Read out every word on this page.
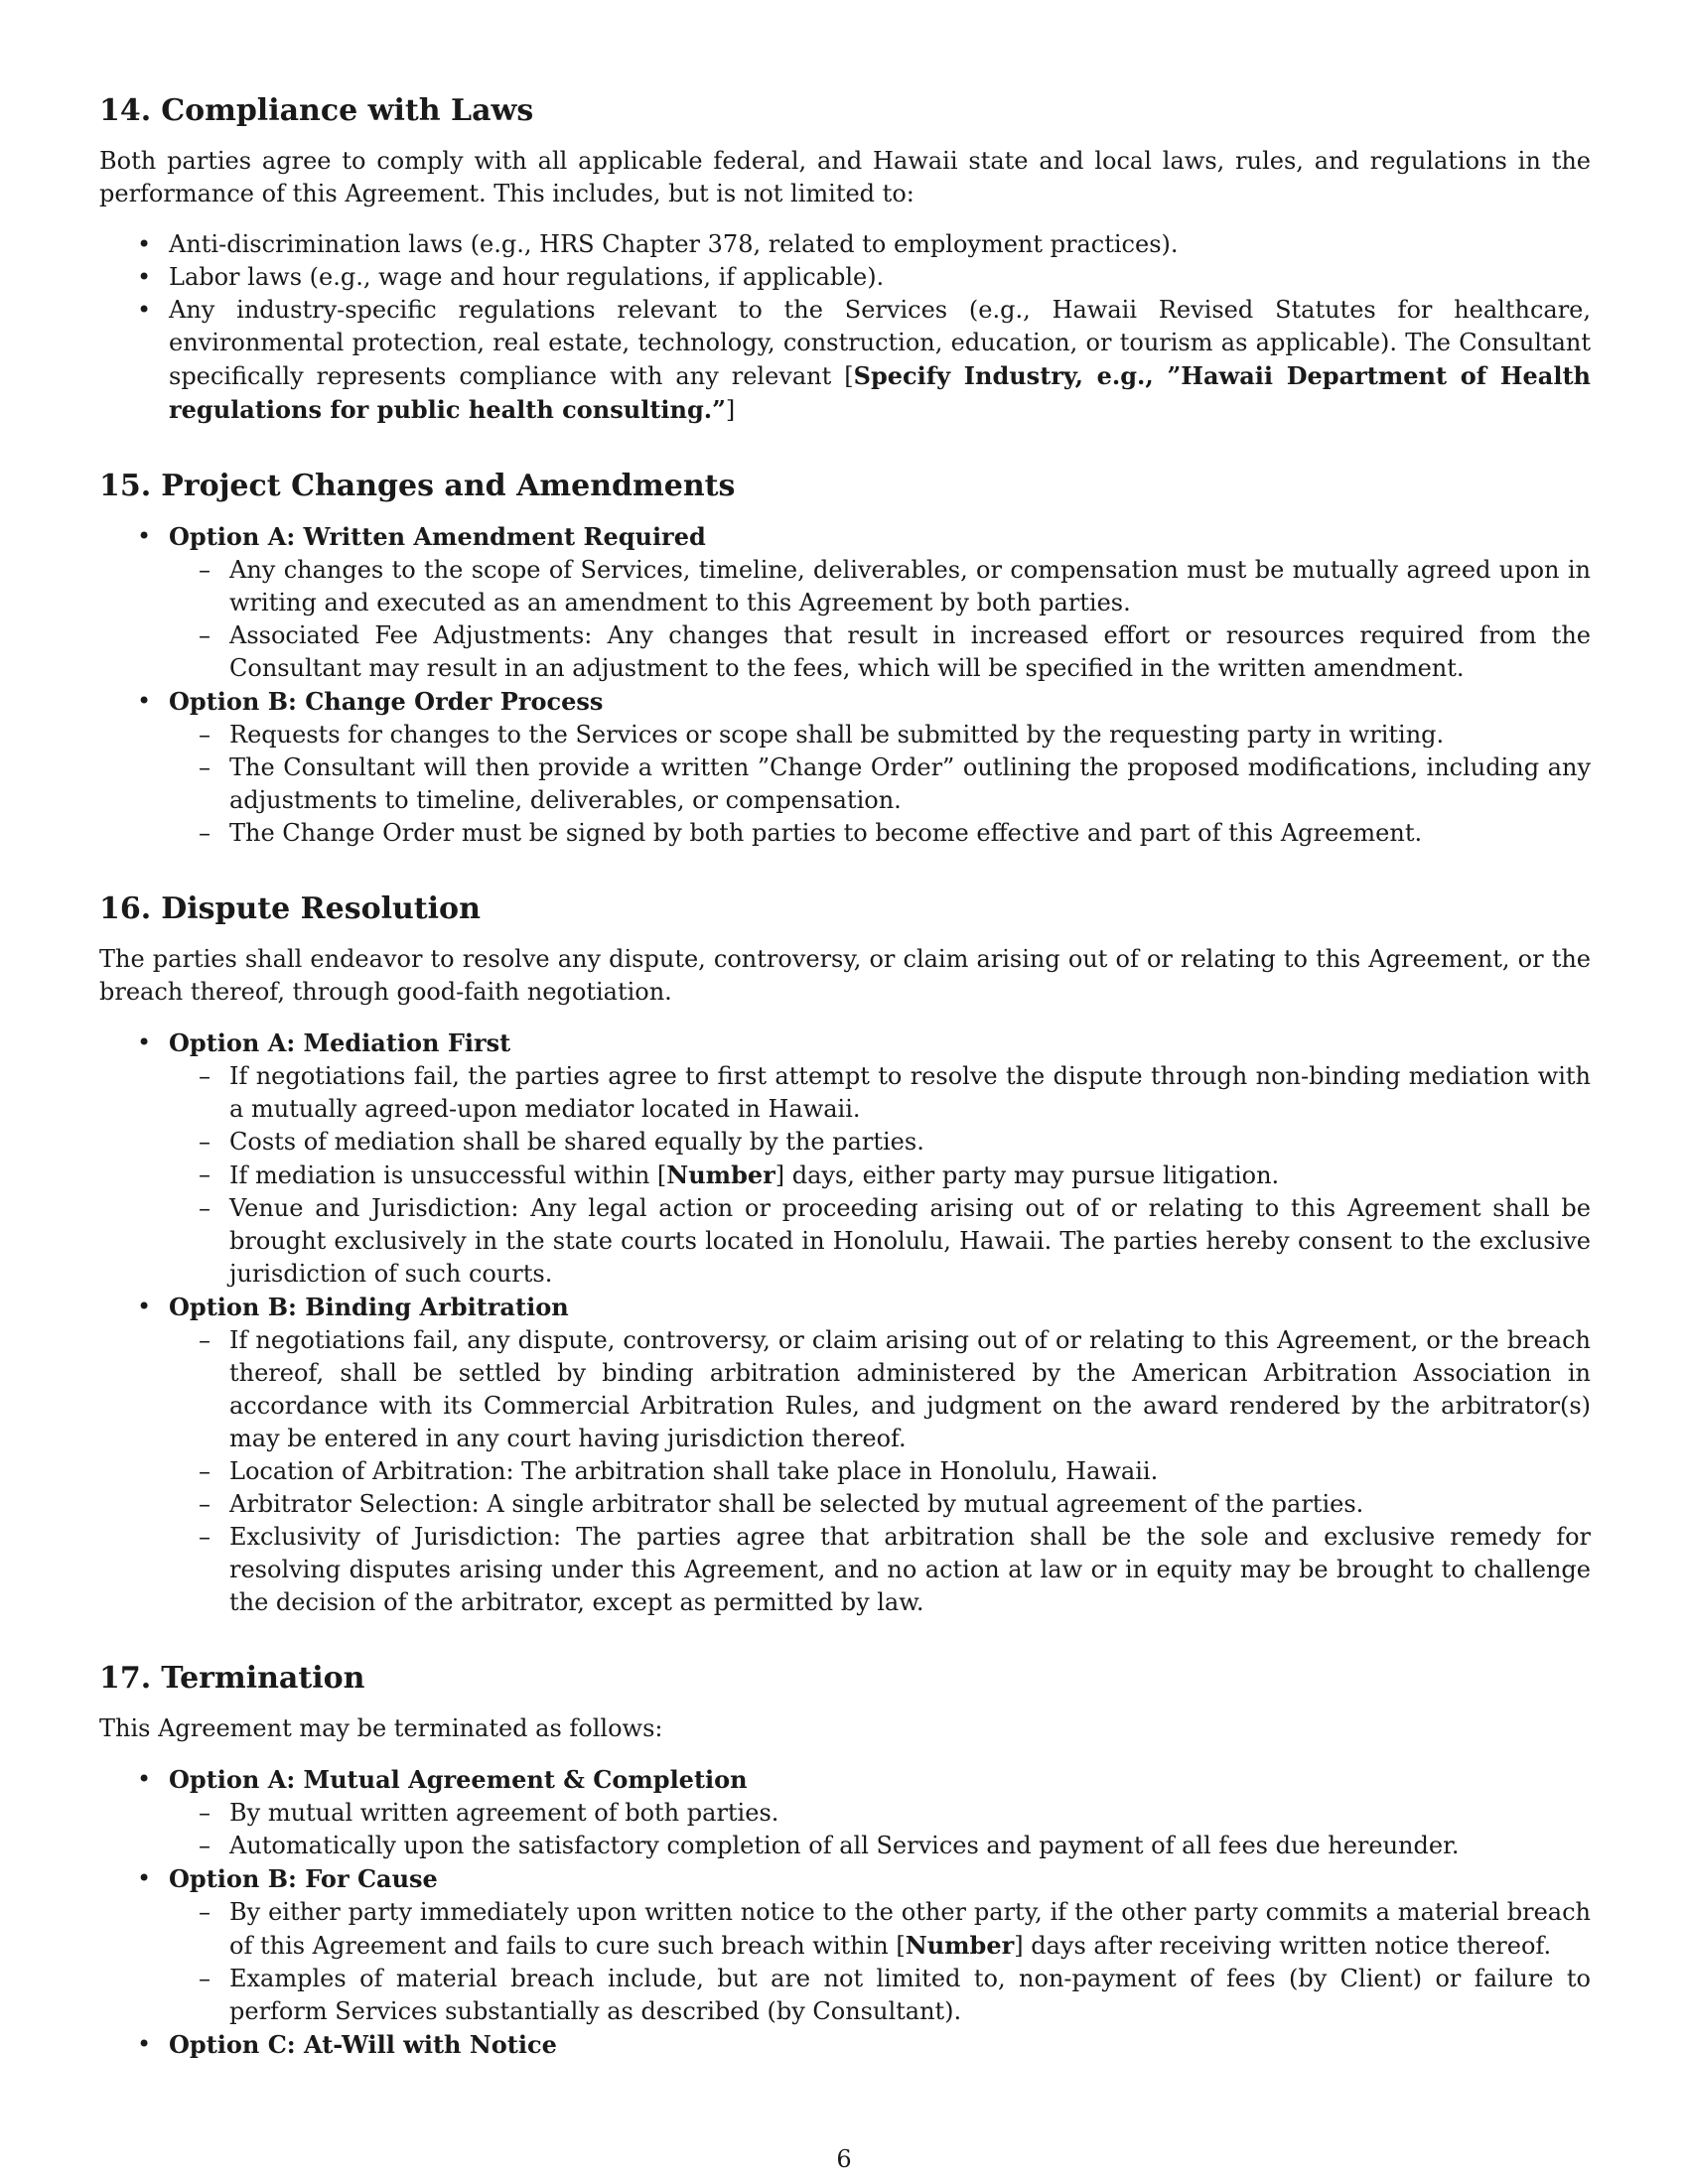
14. Compliance with Laws

Both parties agree to comply with all applicable federal, and Hawaii state and local laws, rules, and regulations in the performance of this Agreement. This includes, but is not limited to:

• Anti-discrimination laws (e.g., HRS Chapter 378, related to employment practices).
• Labor laws (e.g., wage and hour regulations, if applicable).
• Any industry-specific regulations relevant to the Services (e.g., Hawaii Revised Statutes for healthcare, environmental protection, real estate, technology, construction, education, or tourism as applicable). The Consultant specifically represents compliance with any relevant [Specify Industry, e.g., ”Hawaii Department of Health regulations for public health consulting.”]
15. Project Changes and Amendments
• Option A: Written Amendment Required
– Any changes to the scope of Services, timeline, deliverables, or compensation must be mutually agreed upon in writing and executed as an amendment to this Agreement by both parties.
– Associated Fee Adjustments: Any changes that result in increased effort or resources required from the Consultant may result in an adjustment to the fees, which will be specified in the written amendment.
• Option B: Change Order Process
– Requests for changes to the Services or scope shall be submitted by the requesting party in writing.
– The Consultant will then provide a written ”Change Order” outlining the proposed modifications, including any adjustments to timeline, deliverables, or compensation.
– The Change Order must be signed by both parties to become effective and part of this Agreement.
16. Dispute Resolution

The parties shall endeavor to resolve any dispute, controversy, or claim arising out of or relating to this Agreement, or the breach thereof, through good-faith negotiation.

• Option A: Mediation First
– If negotiations fail, the parties agree to first attempt to resolve the dispute through non-binding mediation with a mutually agreed-upon mediator located in Hawaii.
– Costs of mediation shall be shared equally by the parties.
– If mediation is unsuccessful within [Number] days, either party may pursue litigation.
– Venue and Jurisdiction: Any legal action or proceeding arising out of or relating to this Agreement shall be brought exclusively in the state courts located in Honolulu, Hawaii. The parties hereby consent to the exclusive jurisdiction of such courts.
• Option B: Binding Arbitration
– If negotiations fail, any dispute, controversy, or claim arising out of or relating to this Agreement, or the breach thereof, shall be settled by binding arbitration administered by the American Arbitration Association in accordance with its Commercial Arbitration Rules, and judgment on the award rendered by the arbitrator(s) may be entered in any court having jurisdiction thereof.
– Location of Arbitration: The arbitration shall take place in Honolulu, Hawaii.
– Arbitrator Selection: A single arbitrator shall be selected by mutual agreement of the parties.
– Exclusivity of Jurisdiction: The parties agree that arbitration shall be the sole and exclusive remedy for resolving disputes arising under this Agreement, and no action at law or in equity may be brought to challenge the decision of the arbitrator, except as permitted by law.
17. Termination

This Agreement may be terminated as follows:

• Option A: Mutual Agreement & Completion
– By mutual written agreement of both parties.
– Automatically upon the satisfactory completion of all Services and payment of all fees due hereunder.
• Option B: For Cause
– By either party immediately upon written notice to the other party, if the other party commits a material breach of this Agreement and fails to cure such breach within [Number] days after receiving written notice thereof.
– Examples of material breach include, but are not limited to, non-payment of fees (by Client) or failure to perform Services substantially as described (by Consultant).
• Option C: At-Will with Notice
6
